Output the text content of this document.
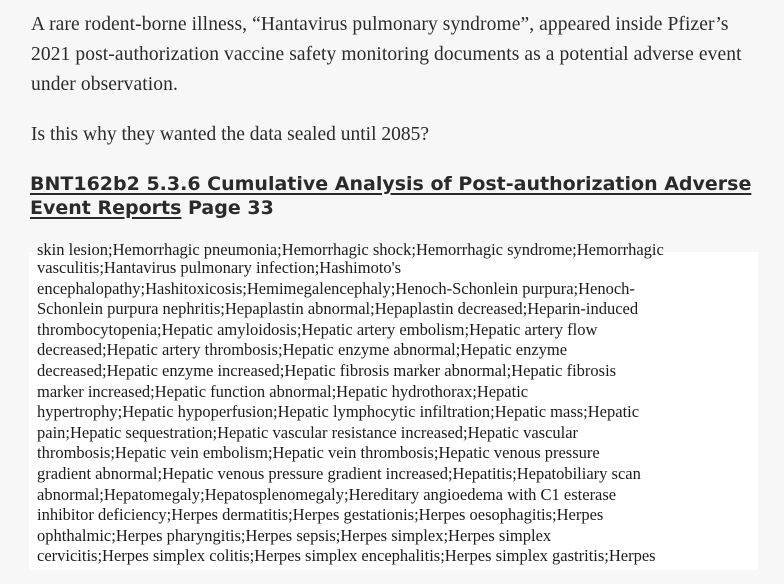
A rare rodent-borne illness, “Hantavirus pulmonary syndrome”, appeared inside Pfizer’s 2021 post-authorization vaccine safety monitoring documents as a potential adverse event under observation.

Is this why they wanted the data sealed until 2085?

BNT162b2 5.3.6 Cumulative Analysis of Post-authorization Adverse Event Reports Page 33
skin lesion;Hemorrhagic pneumonia;Hemorrhagic shock;Hemorrhagic syndrome;Hemorrhagic
vasculitis;Hantavirus pulmonary infection;Hashimoto's
encephalopathy;Hashitoxicosis;Hemimegalencephaly;Henoch-Schonlein purpura;Henoch-
Schonlein purpura nephritis;Hepaplastin abnormal;Hepaplastin decreased;Heparin-induced
thrombocytopenia;Hepatic amyloidosis;Hepatic artery embolism;Hepatic artery flow
decreased;Hepatic artery thrombosis;Hepatic enzyme abnormal;Hepatic enzyme
decreased;Hepatic enzyme increased;Hepatic fibrosis marker abnormal;Hepatic fibrosis
marker increased;Hepatic function abnormal;Hepatic hydrothorax;Hepatic
hypertrophy;Hepatic hypoperfusion;Hepatic lymphocytic infiltration;Hepatic mass;Hepatic
pain;Hepatic sequestration;Hepatic vascular resistance increased;Hepatic vascular
thrombosis;Hepatic vein embolism;Hepatic vein thrombosis;Hepatic venous pressure
gradient abnormal;Hepatic venous pressure gradient increased;Hepatitis;Hepatobiliary scan
abnormal;Hepatomegaly;Hepatosplenomegaly;Hereditary angioedema with C1 esterase
inhibitor deficiency;Herpes dermatitis;Herpes gestationis;Herpes oesophagitis;Herpes
ophthalmic;Herpes pharyngitis;Herpes sepsis;Herpes simplex;Herpes simplex
cervicitis;Herpes simplex colitis;Herpes simplex encephalitis;Herpes simplex gastritis;Herpes
